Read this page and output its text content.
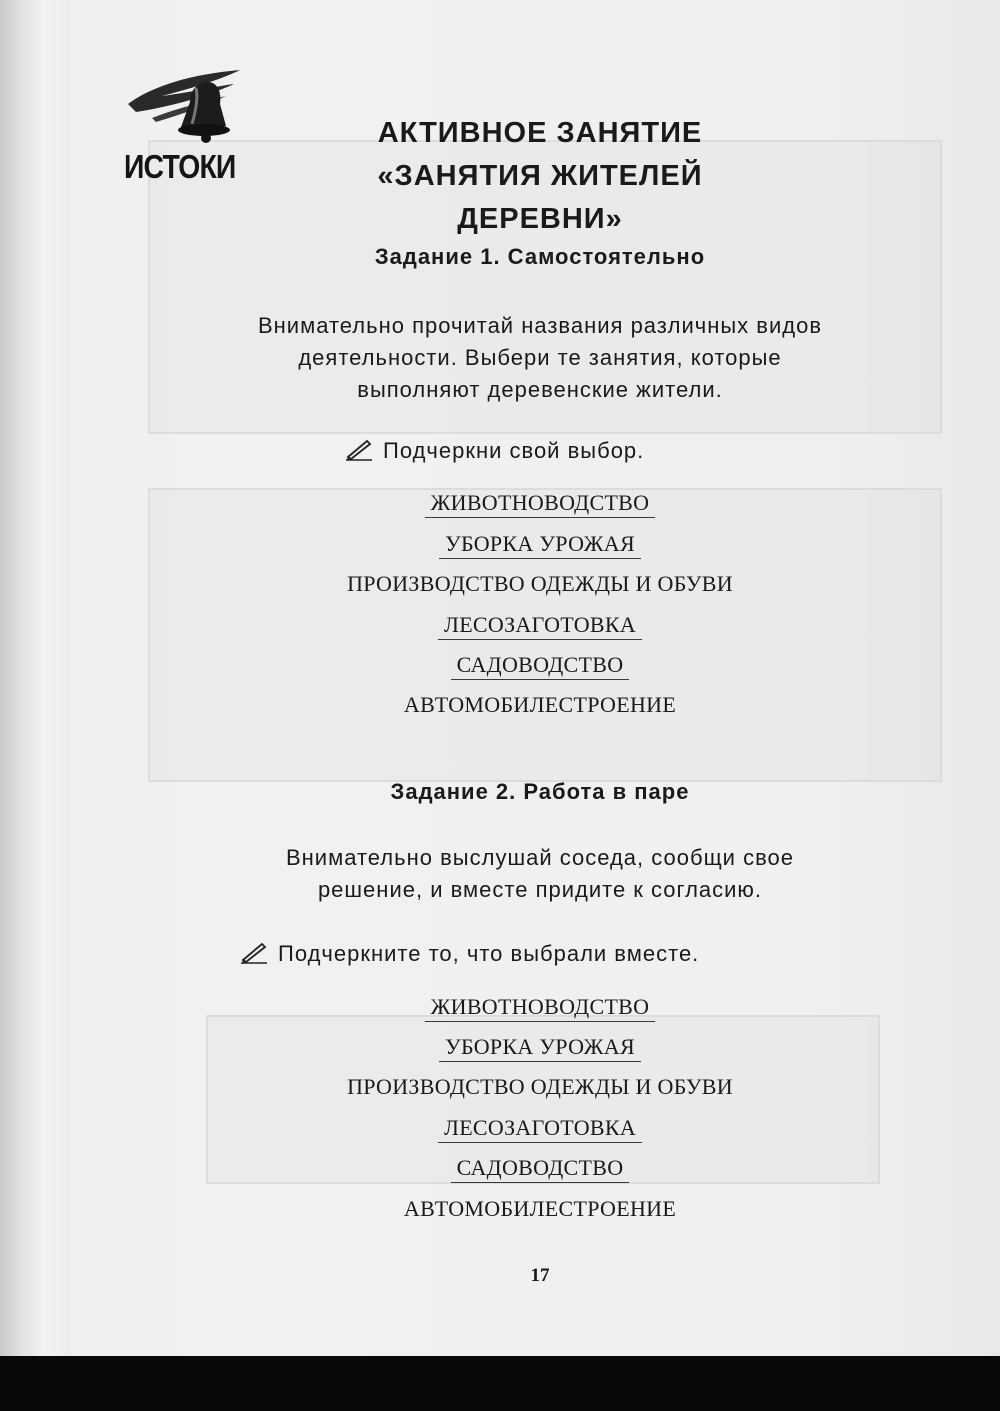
ИСТОКИ
АКТИВНОЕ ЗАНЯТИЕ
«ЗАНЯТИЯ ЖИТЕЛЕЙ
ДЕРЕВНИ»
Задание 1. Самостоятельно
Внимательно прочитай названия различных видов
деятельности. Выбери те занятия, которые
выполняют деревенские жители.
Подчеркни свой выбор.
ЖИВОТНОВОДСТВО
УБОРКА УРОЖАЯ
ПРОИЗВОДСТВО ОДЕЖДЫ И ОБУВИ
ЛЕСОЗАГОТОВКА
САДОВОДСТВО
АВТОМОБИЛЕСТРОЕНИЕ
Задание 2. Работа в паре
Внимательно выслушай соседа, сообщи свое
решение, и вместе придите к согласию.
Подчеркните то, что выбрали вместе.
ЖИВОТНОВОДСТВО
УБОРКА УРОЖАЯ
ПРОИЗВОДСТВО ОДЕЖДЫ И ОБУВИ
ЛЕСОЗАГОТОВКА
САДОВОДСТВО
АВТОМОБИЛЕСТРОЕНИЕ
17
